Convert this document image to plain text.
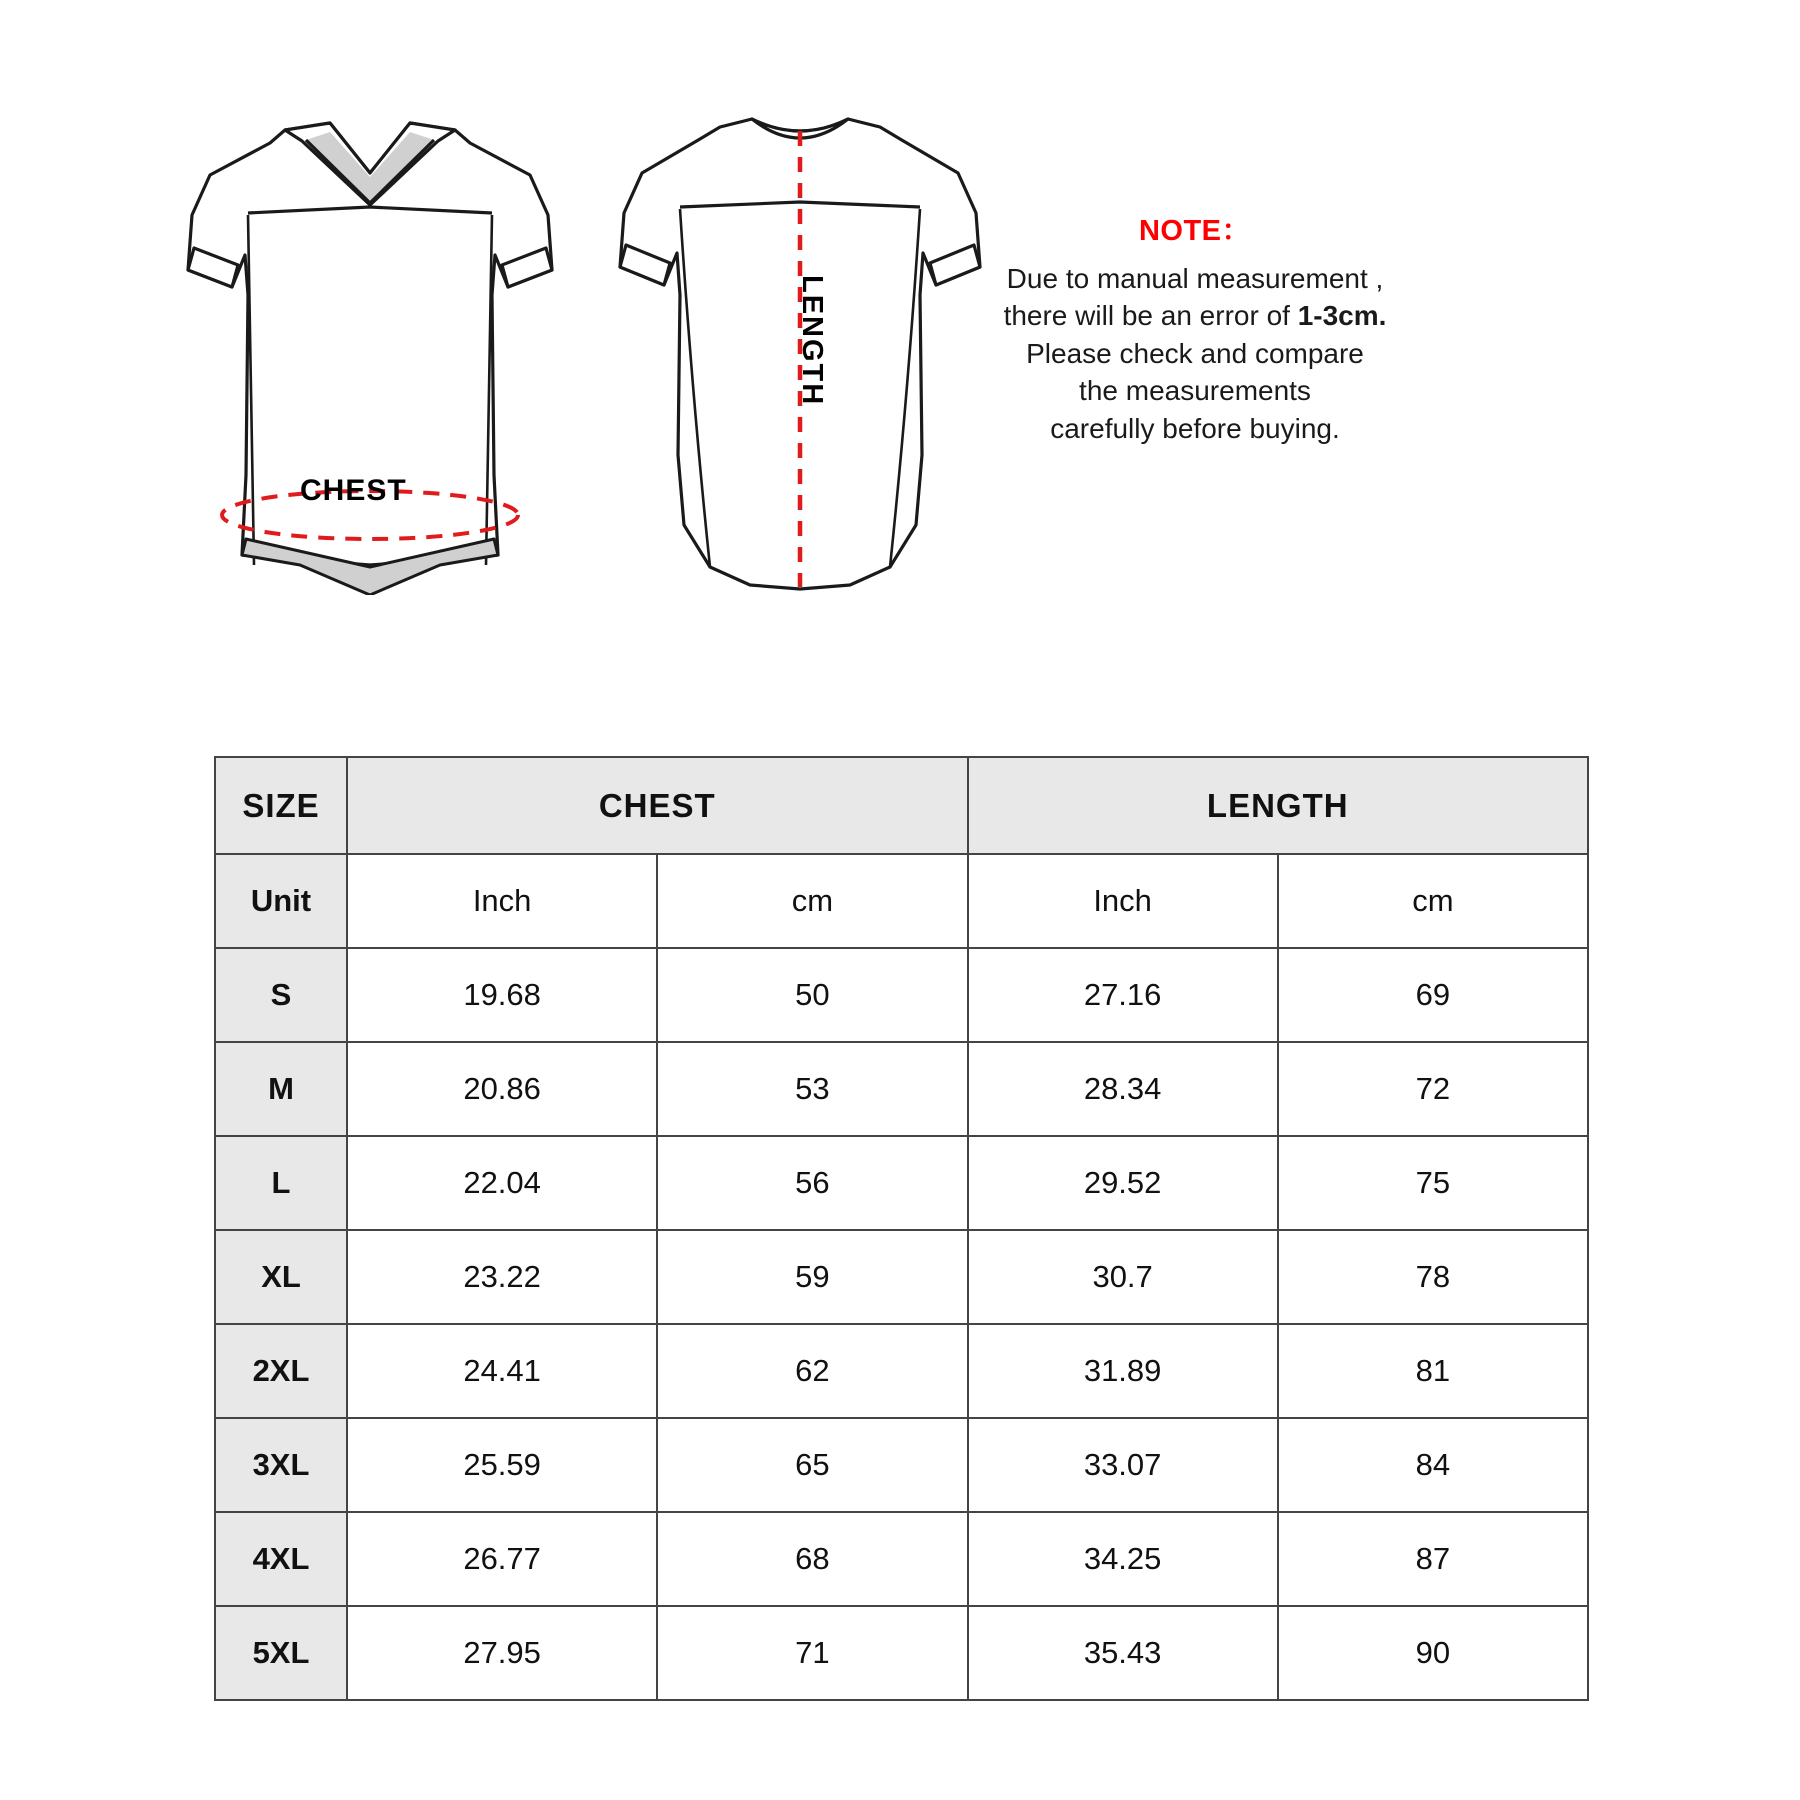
CHEST
LENGTH
NOTE：
Due to manual measurement ,
there will be an error of 1-3cm.
Please check and compare
the measurements
carefully before buying.
SIZE	CHEST		LENGTH	
Unit	Inch	cm	Inch	cm
S	19.68	50	27.16	69
M	20.86	53	28.34	72
L	22.04	56	29.52	75
XL	23.22	59	30.7	78
2XL	24.41	62	31.89	81
3XL	25.59	65	33.07	84
4XL	26.77	68	34.25	87
5XL	27.95	71	35.43	90
